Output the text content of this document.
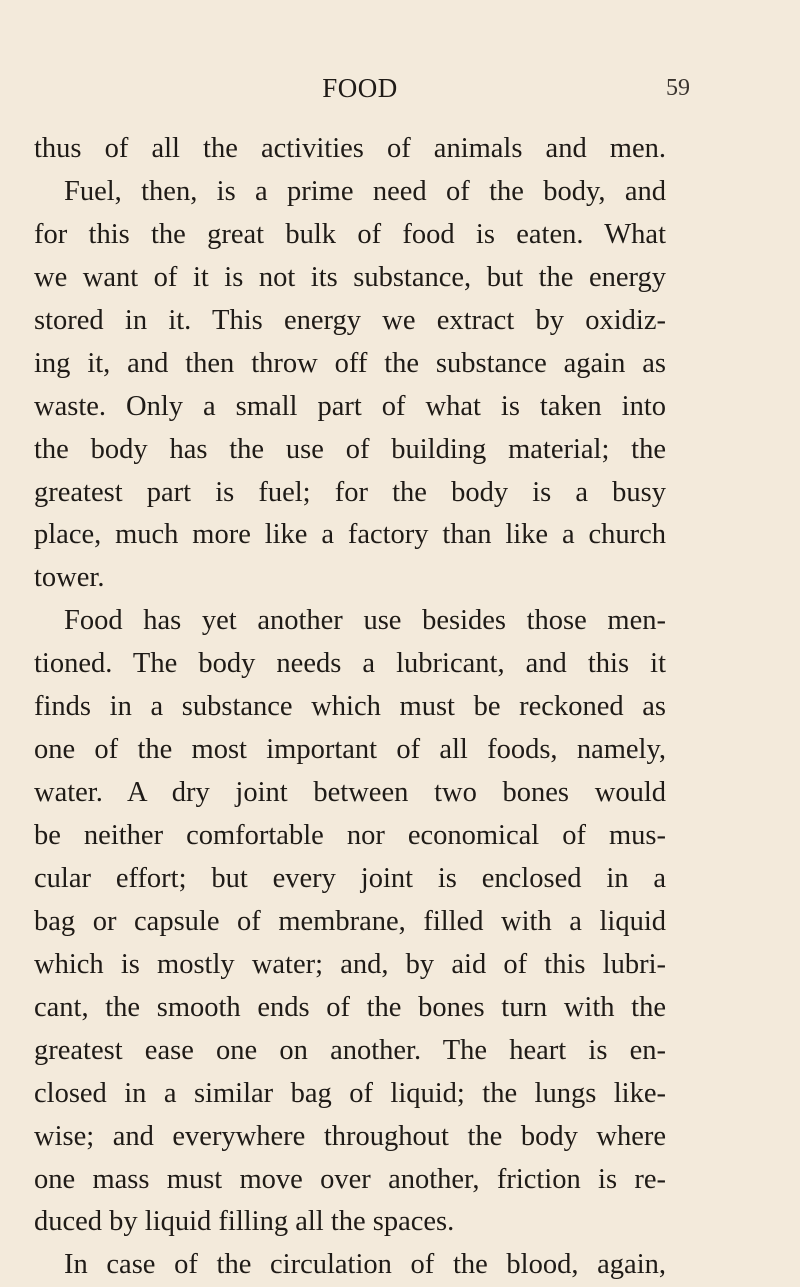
FOOD	59
thus of all the activities of animals and men.
Fuel, then, is a prime need of the body, and
for this the great bulk of food is eaten. What
we want of it is not its substance, but the energy
stored in it. This energy we extract by oxidiz-
ing it, and then throw off the substance again as
waste. Only a small part of what is taken into
the body has the use of building material; the
greatest part is fuel; for the body is a busy
place, much more like a factory than like a church
tower.
Food has yet another use besides those men-
tioned. The body needs a lubricant, and this it
finds in a substance which must be reckoned as
one of the most important of all foods, namely,
water. A dry joint between two bones would
be neither comfortable nor economical of mus-
cular effort; but every joint is enclosed in a
bag or capsule of membrane, filled with a liquid
which is mostly water; and, by aid of this lubri-
cant, the smooth ends of the bones turn with the
greatest ease one on another. The heart is en-
closed in a similar bag of liquid; the lungs like-
wise; and everywhere throughout the body where
one mass must move over another, friction is re-
duced by liquid filling all the spaces.
In case of the circulation of the blood, again,
